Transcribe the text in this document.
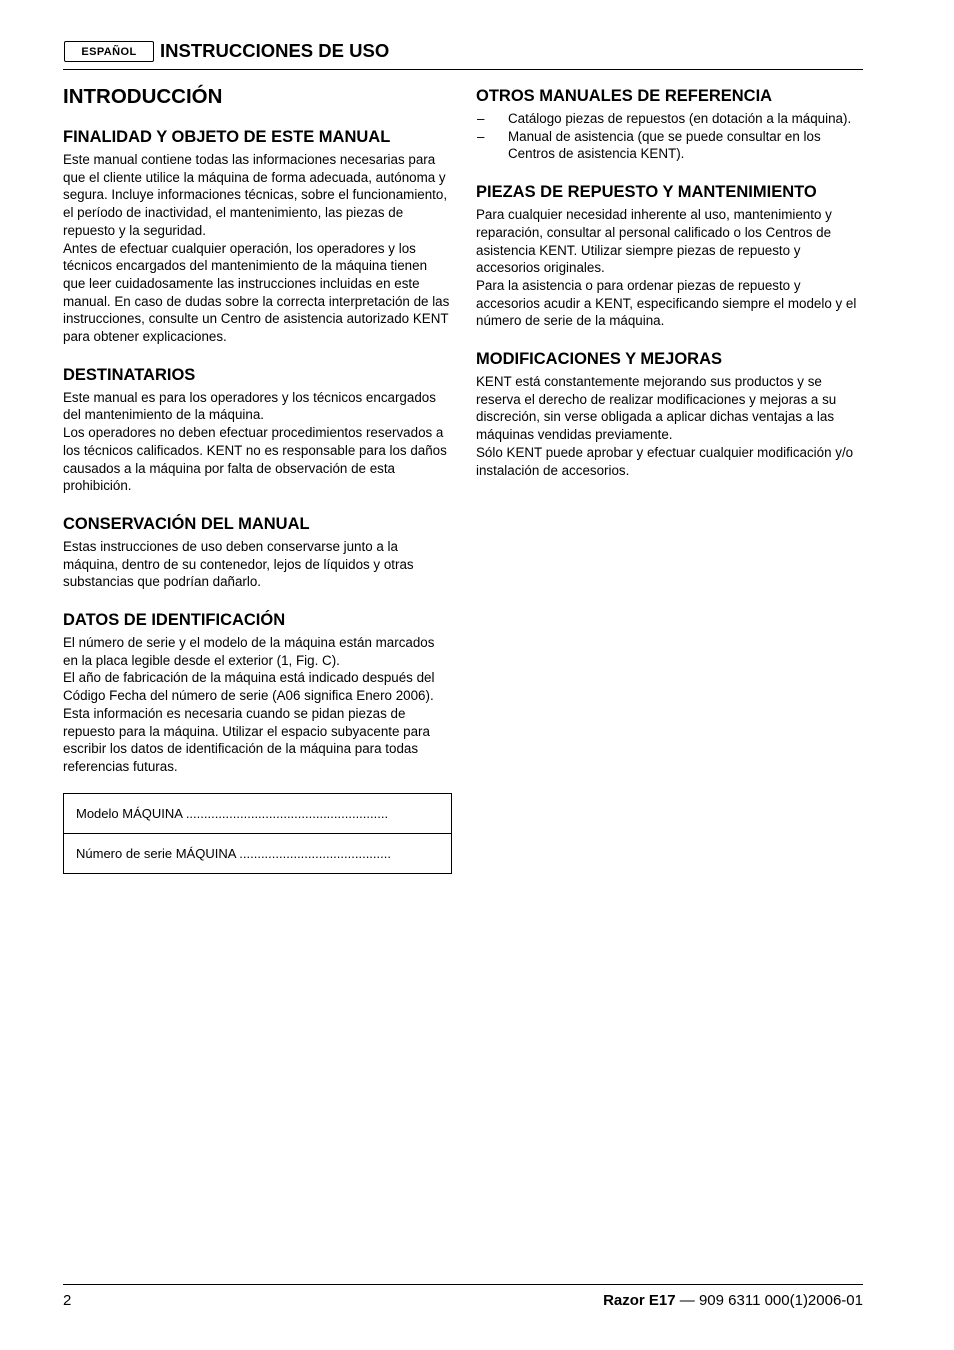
ESPAÑOL	INSTRUCCIONES DE USO
INTRODUCCIÓN
FINALIDAD Y OBJETO DE ESTE MANUAL

Este manual contiene todas las informaciones necesarias para que el cliente utilice la máquina de forma adecuada, autónoma y segura. Incluye informaciones técnicas, sobre el funcionamiento, el período de inactividad, el mantenimiento, las piezas de repuesto y la seguridad.

Antes de efectuar cualquier operación, los operadores y los técnicos encargados del mantenimiento de la máquina tienen que leer cuidadosamente las instrucciones incluidas en este manual. En caso de dudas sobre la correcta interpretación de las instrucciones, consulte un Centro de asistencia autorizado KENT para obtener explicaciones.

DESTINATARIOS

Este manual es para los operadores y los técnicos encargados del mantenimiento de la máquina.

Los operadores no deben efectuar procedimientos reservados a los técnicos calificados. KENT no es responsable para los daños causados a la máquina por falta de observación de esta prohibición.

CONSERVACIÓN DEL MANUAL

Estas instrucciones de uso deben conservarse junto a la máquina, dentro de su contenedor, lejos de líquidos y otras substancias que podrían dañarlo.

DATOS DE IDENTIFICACIÓN

El número de serie y el modelo de la máquina están marcados en la placa legible desde el exterior (1, Fig. C).

El año de fabricación de la máquina está indicado después del Código Fecha del número de serie (A06 significa Enero 2006).

Esta información es necesaria cuando se pidan piezas de repuesto para la máquina. Utilizar el espacio subyacente para escribir los datos de identificación de la máquina para todas referencias futuras.

Modelo MÁQUINA ........................................................
Número de serie MÁQUINA ..........................................
OTROS MANUALES DE REFERENCIA
– Catálogo piezas de repuestos (en dotación a la máquina).
– Manual de asistencia (que se puede consultar en los Centros de asistencia KENT).
PIEZAS DE REPUESTO Y MANTENIMIENTO

Para cualquier necesidad inherente al uso, mantenimiento y reparación, consultar al personal calificado o los Centros de asistencia KENT. Utilizar siempre piezas de repuesto y accesorios originales.

Para la asistencia o para ordenar piezas de repuesto y accesorios acudir a KENT, especificando siempre el modelo y el número de serie de la máquina.

MODIFICACIONES Y MEJORAS

KENT está constantemente mejorando sus productos y se reserva el derecho de realizar modificaciones y mejoras a su discreción, sin verse obligada a aplicar dichas ventajas a las máquinas vendidas previamente.

Sólo KENT puede aprobar y efectuar cualquier modificación y/o instalación de accesorios.

2	Razor E17 — 909 6311 000(1)2006-01
